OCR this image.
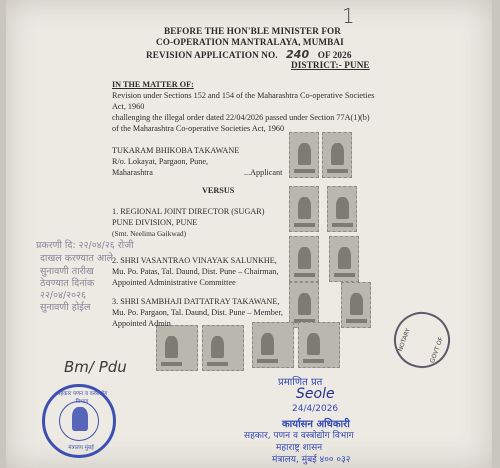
1
BEFORE THE HON'BLE MINISTER FOR
CO-OPERATION MANTRALAYA, MUMBAI
REVISION APPLICATION NO. 240 OF 2026
DISTRICT:- PUNE
IN THE MATTER OF:
Revision under Sections 152 and 154 of the Maharashtra Co-operative Societies
Act, 1960
challenging the illegal order dated 22/04/2026 passed under Section 77A(1)(b)
of the Maharashtra Co-operative Societies Act, 1960
TUKARAM BHIKOBA TAKAWANE
R/o. Lokayat, Pargaon, Pune,
Maharashtra	...Applicant
NOTARY	GOVT OF
VERSUS
1. REGIONAL JOINT DIRECTOR (SUGAR)
PUNE DIVISION, PUNE
(Smt. Neelima Gaikwad)
2. SHRI VASANTRAO VINAYAK SALUNKHE,
Mu. Po. Patas, Tal. Daund, Dist. Pune – Chairman,
Appointed Administrative Committee
3. SHRI SAMBHAJI DATTATRAY TAKAWANE,
Mu. Po. Pargaon, Tal. Daund, Dist. Pune – Member,
Appointed Admin
प्रकरणी दि: २२/०४/२६ रोजी
दाखल करण्यात आले
सुनावणी तारीख
ठेवण्यात दिनांक
२२/०४/२०२६
सुनावणी होईल
Bm/ Pdu
सहकार पणन व वस्त्रोद्योग विभाग
मंत्रालय मुंबई
प्रमाणित प्रत
Seole
24/4/2026
कार्यासन अधिकारी
सहकार, पणन व वस्त्रोद्योग विभाग
महाराष्ट्र शासन
मंत्रालय, मुंबई ४०० ०३२
